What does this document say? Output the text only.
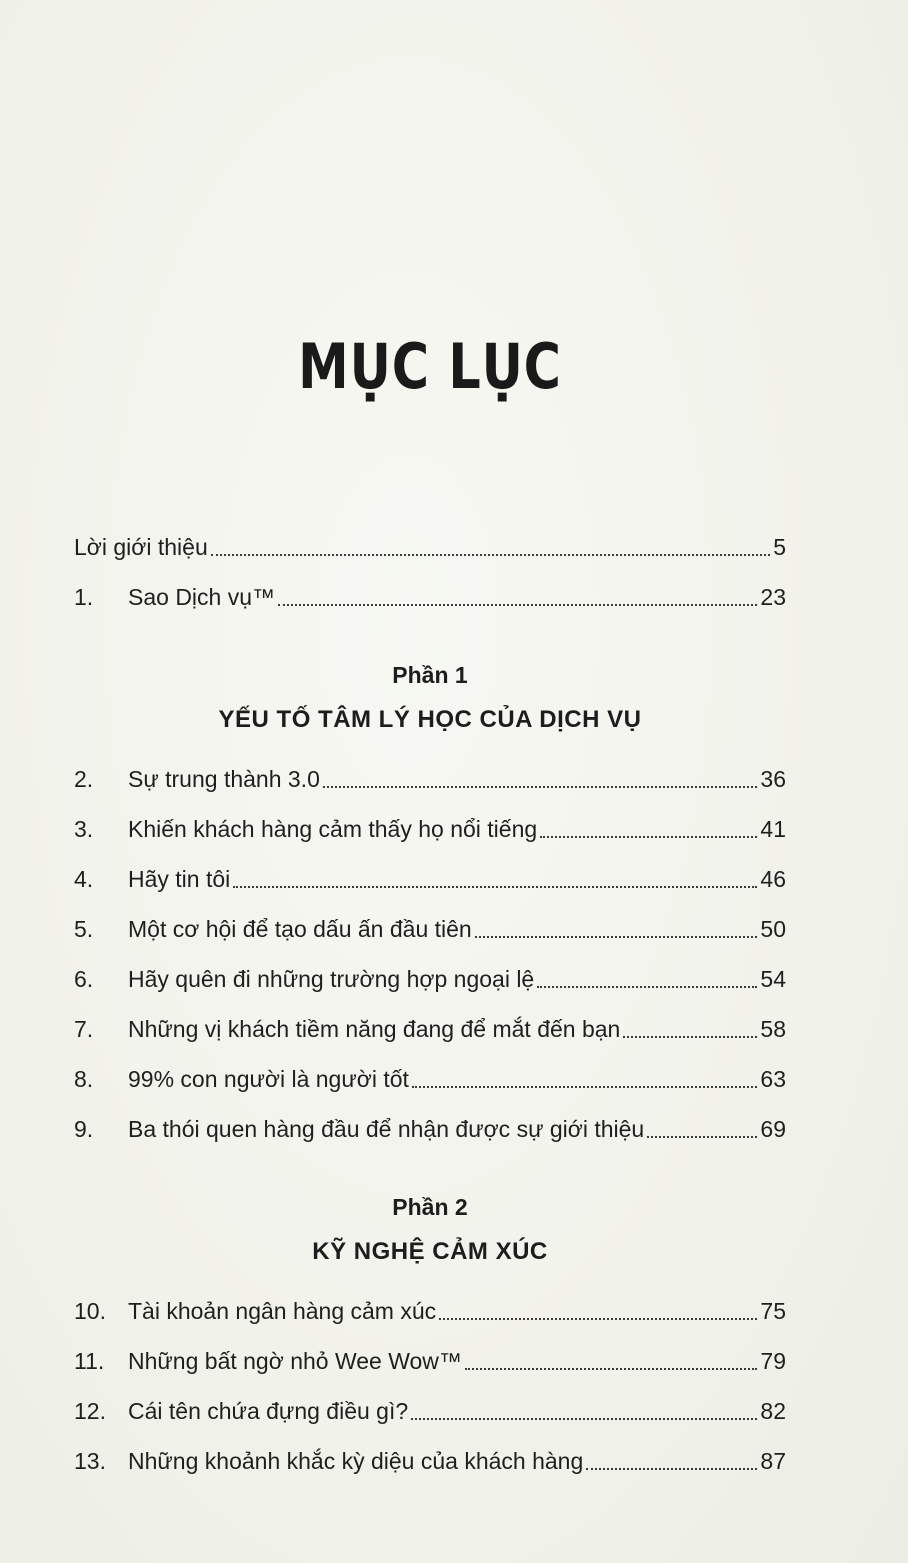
MỤC LỤC
Lời giới thiệu	5
1.	Sao Dịch vụ™	23
Phần 1
YẾU TỐ TÂM LÝ HỌC CỦA DỊCH VỤ
2.	Sự trung thành 3.0	36
3.	Khiến khách hàng cảm thấy họ nổi tiếng	41
4.	Hãy tin tôi	46
5.	Một cơ hội để tạo dấu ấn đầu tiên	50
6.	Hãy quên đi những trường hợp ngoại lệ	54
7.	Những vị khách tiềm năng đang để mắt đến bạn	58
8.	99% con người là người tốt	63
9.	Ba thói quen hàng đầu để nhận được sự giới thiệu	69
Phần 2
KỸ NGHỆ CẢM XÚC
10. Tài khoản ngân hàng cảm xúc	75
11.	Những bất ngờ nhỏ Wee Wow™	79
12. Cái tên chứa đựng điều gì?	82
13. Những khoảnh khắc kỳ diệu của khách hàng	87
